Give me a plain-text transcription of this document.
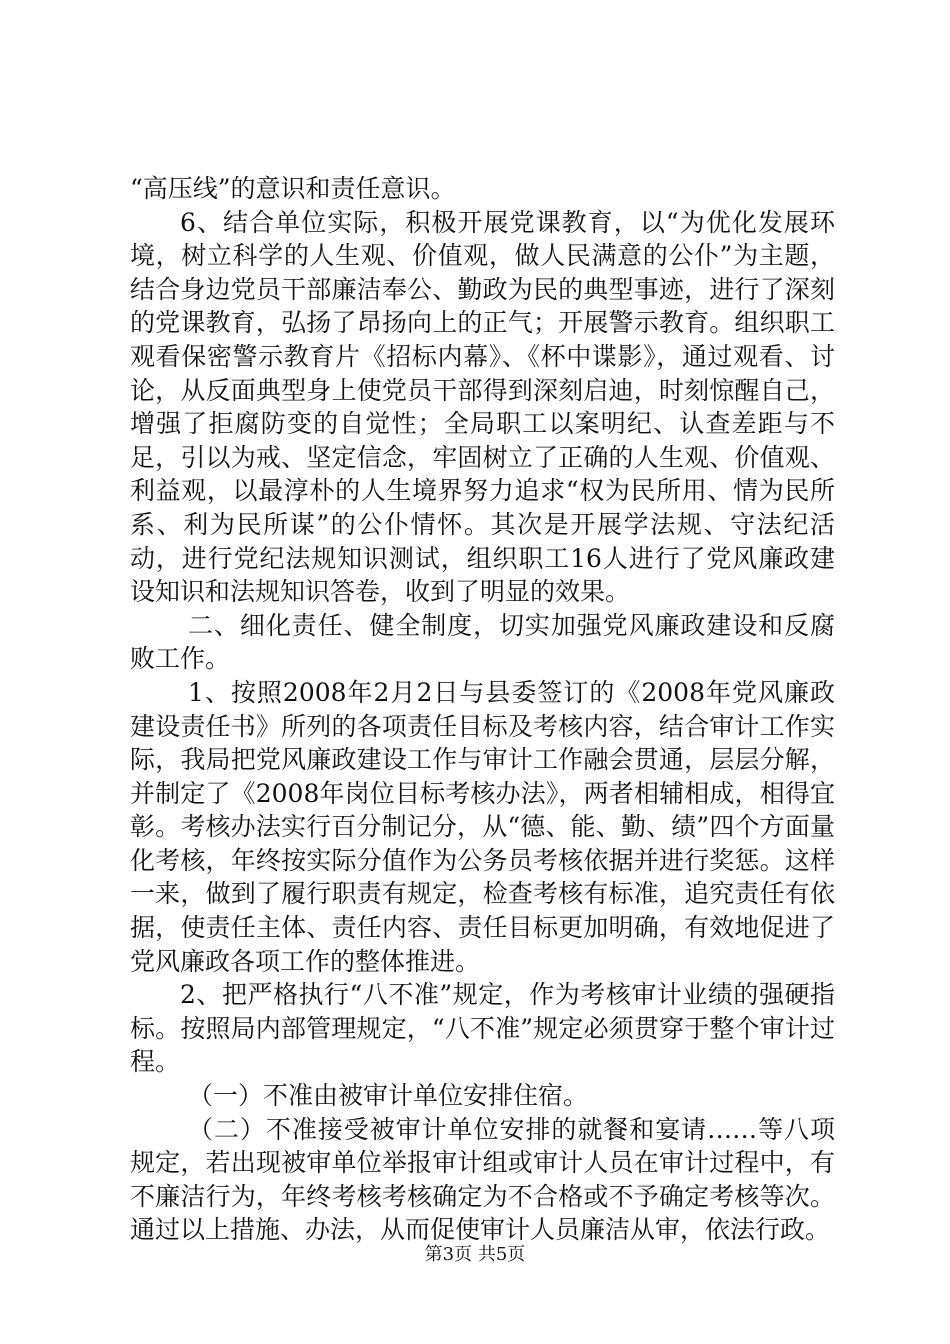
“高压线”的意识和责任意识。

6、结合单位实际，积极开展党课教育，以“为优化发展环境，树立科学的人生观、价值观，做人民满意的公仆”为主题，结合身边党员干部廉洁奉公、勤政为民的典型事迹，进行了深刻的党课教育，弘扬了昂扬向上的正气；开展警示教育。组织职工观看保密警示教育片《招标内幕》、《杯中谍影》，通过观看、讨论，从反面典型身上使党员干部得到深刻启迪，时刻惊醒自己，增强了拒腐防变的自觉性；全局职工以案明纪、认查差距与不足，引以为戒、坚定信念，牢固树立了正确的人生观、价值观、利益观，以最淳朴的人生境界努力追求“权为民所用、情为民所系、利为民所谋”的公仆情怀。其次是开展学法规、守法纪活动，进行党纪法规知识测试，组织职工16人进行了党风廉政建设知识和法规知识答卷，收到了明显的效果。

二、细化责任、健全制度，切实加强党风廉政建设和反腐败工作。

1、按照2008年2月2日与县委签订的《2008年党风廉政建设责任书》所列的各项责任目标及考核内容，结合审计工作实际，我局把党风廉政建设工作与审计工作融会贯通，层层分解，并制定了《2008年岗位目标考核办法》，两者相辅相成，相得宜彰。考核办法实行百分制记分，从“德、能、勤、绩”四个方面量化考核，年终按实际分值作为公务员考核依据并进行奖惩。这样一来，做到了履行职责有规定，检查考核有标准，追究责任有依据，使责任主体、责任内容、责任目标更加明确，有效地促进了党风廉政各项工作的整体推进。

2、把严格执行“八不准”规定，作为考核审计业绩的强硬指标。按照局内部管理规定，“八不准”规定必须贯穿于整个审计过程。

（一）不准由被审计单位安排住宿。

（二）不准接受被审计单位安排的就餐和宴请……等八项规定，若出现被审单位举报审计组或审计人员在审计过程中，有不廉洁行为，年终考核考核确定为不合格或不予确定考核等次。通过以上措施、办法，从而促使审计人员廉洁从审，依法行政。

第3页 共5页
